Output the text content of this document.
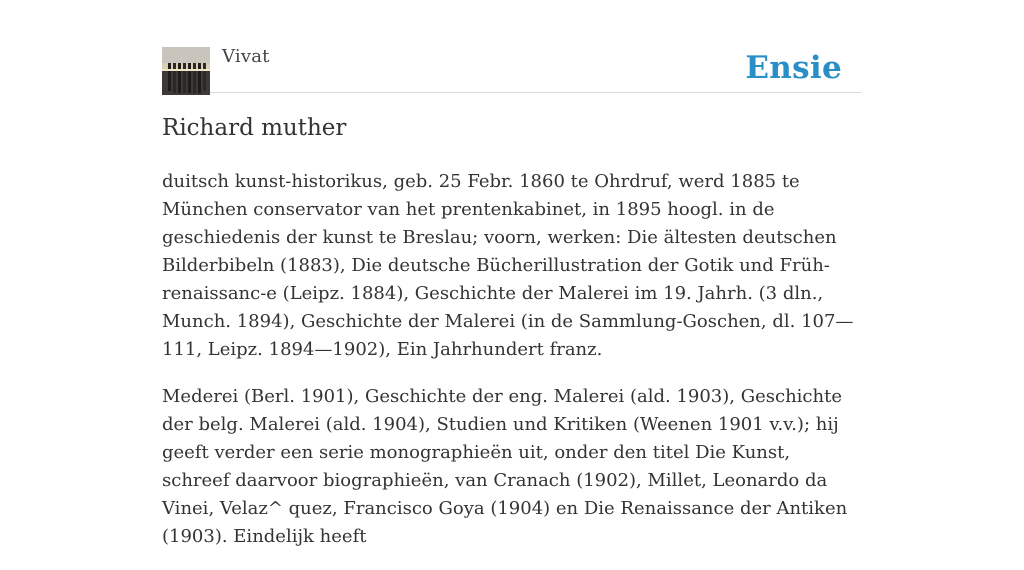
Vivat	Ensie
Richard muther

duitsch kunst-historikus, geb. 25 Febr. 1860 te Ohrdruf, werd 1885 te München conservator van het prentenkabinet, in 1895 hoogl. in de geschiedenis der kunst te Breslau; voorn, werken: Die ältesten deutschen Bilderbibeln (1883), Die deutsche Bücherillustration der Gotik und Früh-renaissanc-e (Leipz. 1884), Geschichte der Malerei im 19. Jahrh. (3 dln., Munch. 1894), Geschichte der Malerei (in de Sammlung-Goschen, dl. 107—111, Leipz. 1894—1902), Ein Jahrhundert franz.

Mederei (Berl. 1901), Geschichte der eng. Malerei (ald. 1903), Geschichte der belg. Malerei (ald. 1904), Studien und Kritiken (Weenen 1901 v.v.); hij geeft verder een serie monographieën uit, onder den titel Die Kunst, schreef daarvoor biographieën, van Cranach (1902), Millet, Leonardo da Vinei, Velaz^ quez, Francisco Goya (1904) en Die Renaissance der Antiken (1903). Eindelijk heeft
